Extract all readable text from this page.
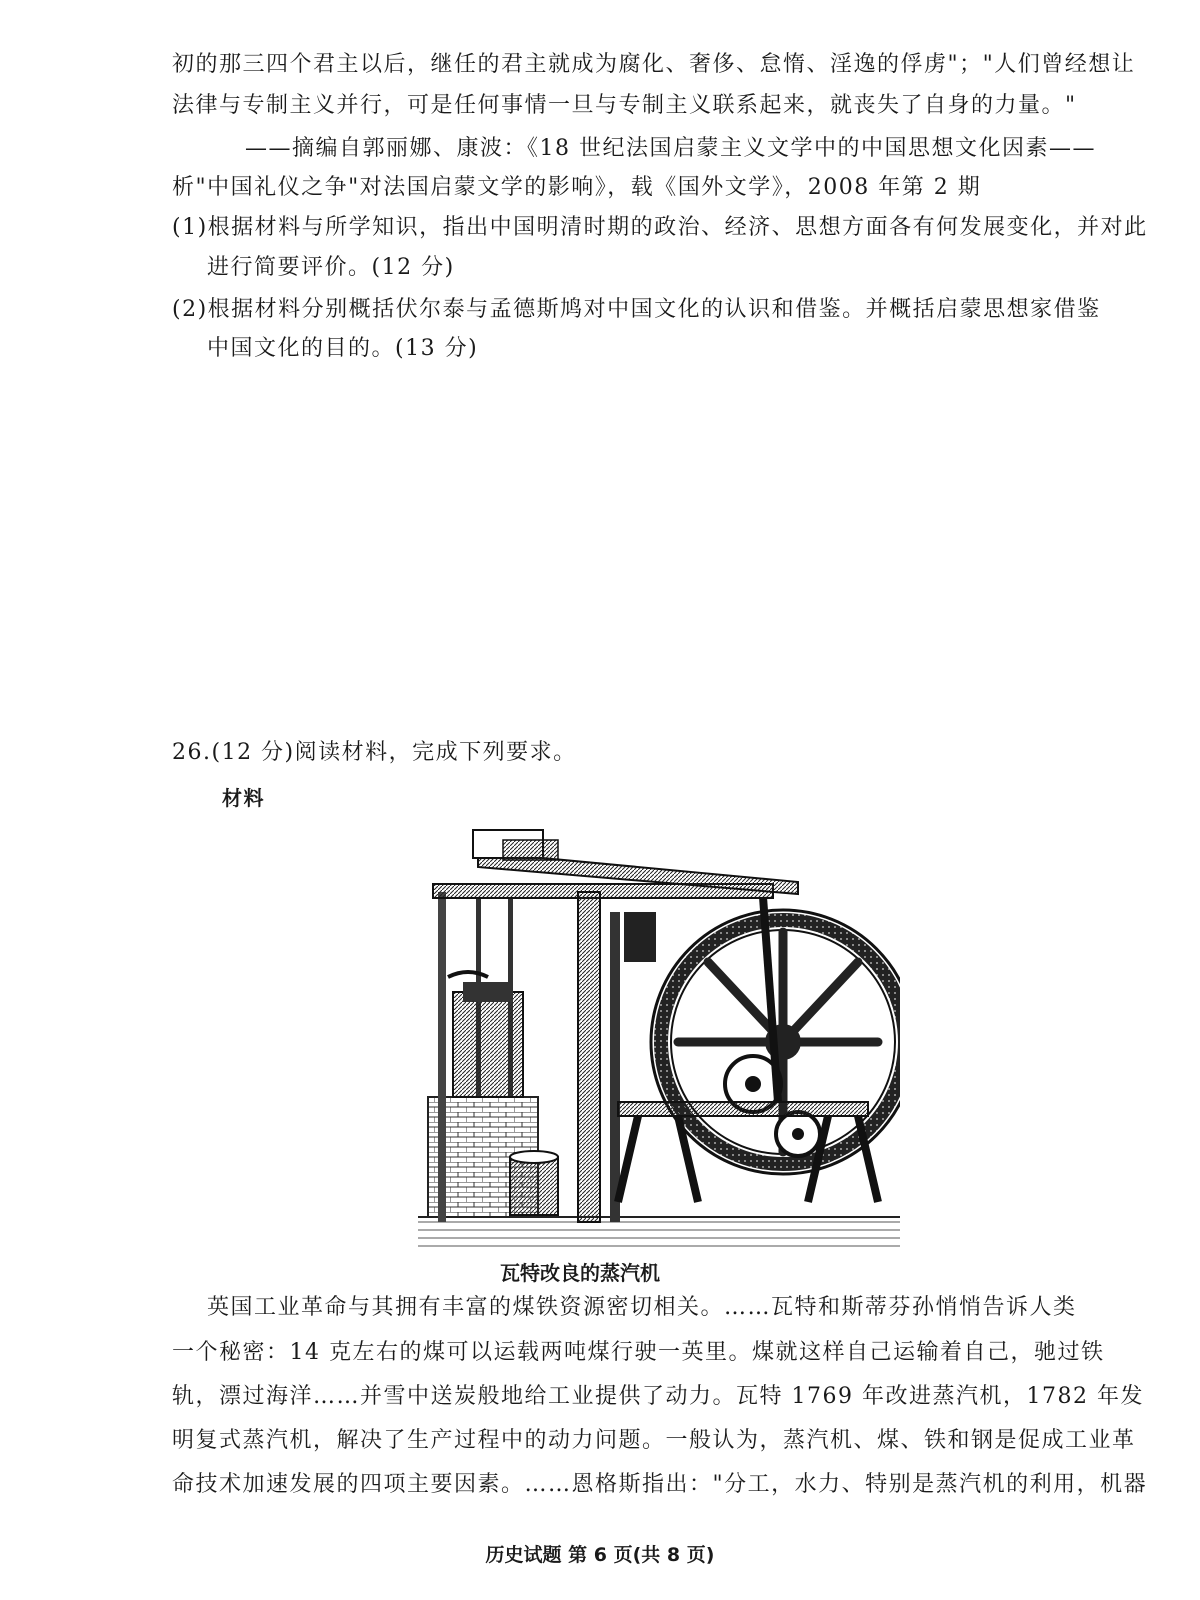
初的那三四个君主以后，继任的君主就成为腐化、奢侈、怠惰、淫逸的俘虏"；"人们曾经想让
法律与专制主义并行，可是任何事情一旦与专制主义联系起来，就丧失了自身的力量。"
——摘编自郭丽娜、康波：《18 世纪法国启蒙主义文学中的中国思想文化因素——
析"中国礼仪之争"对法国启蒙文学的影响》，载《国外文学》，2008 年第 2 期
(1)根据材料与所学知识，指出中国明清时期的政治、经济、思想方面各有何发展变化，并对此
进行简要评价。(12 分)
(2)根据材料分别概括伏尔泰与孟德斯鸠对中国文化的认识和借鉴。并概括启蒙思想家借鉴
中国文化的目的。(13 分)
26.(12 分)阅读材料，完成下列要求。
材料
瓦特改良的蒸汽机
英国工业革命与其拥有丰富的煤铁资源密切相关。……瓦特和斯蒂芬孙悄悄告诉人类
一个秘密：14 克左右的煤可以运载两吨煤行驶一英里。煤就这样自己运输着自己，驰过铁
轨，漂过海洋……并雪中送炭般地给工业提供了动力。瓦特 1769 年改进蒸汽机，1782 年发
明复式蒸汽机，解决了生产过程中的动力问题。一般认为，蒸汽机、煤、铁和钢是促成工业革
命技术加速发展的四项主要因素。……恩格斯指出："分工，水力、特别是蒸汽机的利用，机器
历史试题 第 6 页(共 8 页)
